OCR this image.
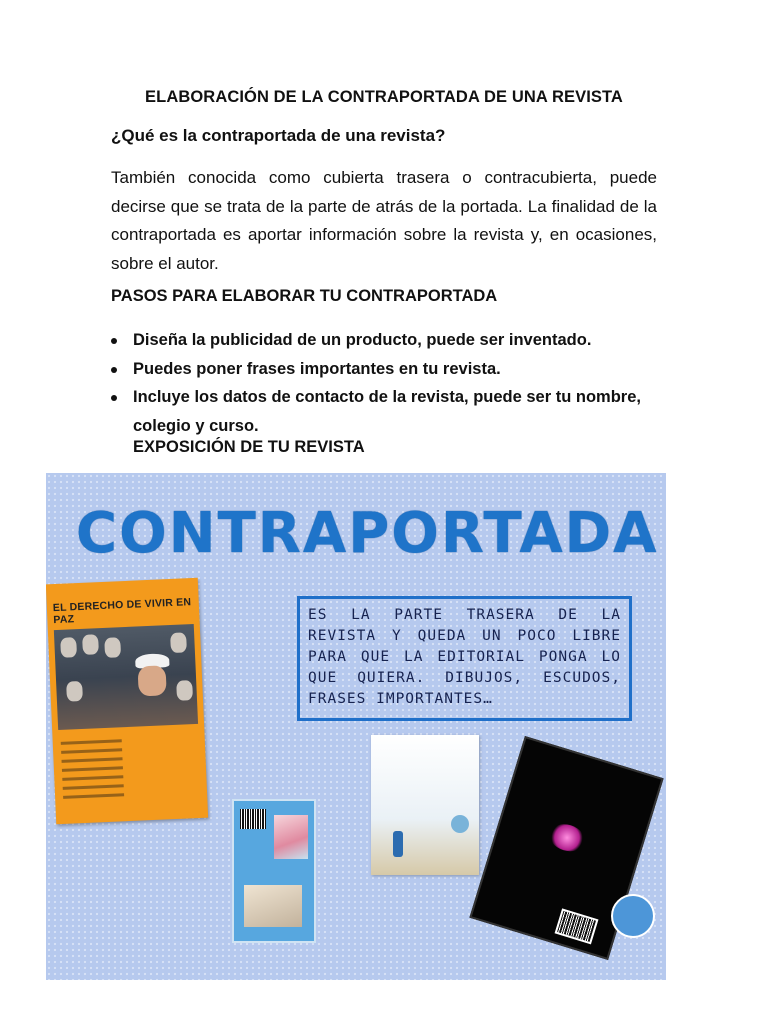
ELABORACIÓN DE LA CONTRAPORTADA DE UNA REVISTA
¿Qué es la contraportada de una revista?
También conocida como cubierta trasera o contracubierta, puede decirse que se trata de la parte de atrás de la portada. La finalidad de la contraportada es aportar información sobre la revista y, en ocasiones, sobre el autor.
PASOS PARA ELABORAR TU CONTRAPORTADA
Diseña la publicidad de un producto, puede ser inventado.
Puedes poner frases importantes en tu revista.
Incluye los datos de contacto de la revista, puede ser tu nombre, colegio y curso.
EXPOSICIÓN DE TU REVISTA
CONTRAPORTADA
ES LA PARTE TRASERA DE LA REVISTA Y QUEDA UN POCO LIBRE PARA QUE LA EDITORIAL PONGA LO QUE QUIERA. DIBUJOS, ESCUDOS, FRASES IMPORTANTES…
EL DERECHO DE VIVIR EN PAZ
